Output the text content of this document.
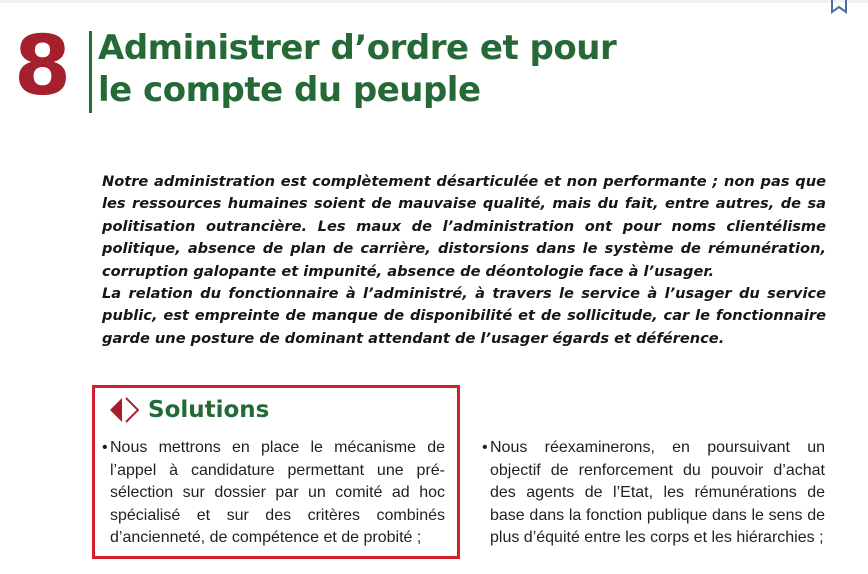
8 Administrer d’ordre et pour
le compte du peuple

Notre administration est complètement désarticulée et non performante ; non pas que les ressources humaines soient de mauvaise qualité, mais du fait, entre autres, de sa politisation outrancière. Les maux de l’administration ont pour noms clientélisme politique, absence de plan de carrière, distorsions dans le système de rémunération, corruption galopante et impunité, absence de déontologie face à l’usager.

La relation du fonctionnaire à l’administré, à travers le service à l’usager du service public, est empreinte de manque de disponibilité et de sollicitude, car le fonctionnaire garde une posture de dominant attendant de l’usager égards et déférence.

Solutions
• Nous mettrons en place le mécanisme de l’appel à candidature permettant une pré-sélection sur dossier par un comité ad hoc spécialisé et sur des critères combinés d’ancienneté, de compétence et de probité ;
• Nous réexaminerons, en poursuivant un objectif de renforcement du pouvoir d’achat des agents de l’Etat, les rémunérations de base dans la fonction publique dans le sens de plus d’équité entre les corps et les hiérarchies ;
